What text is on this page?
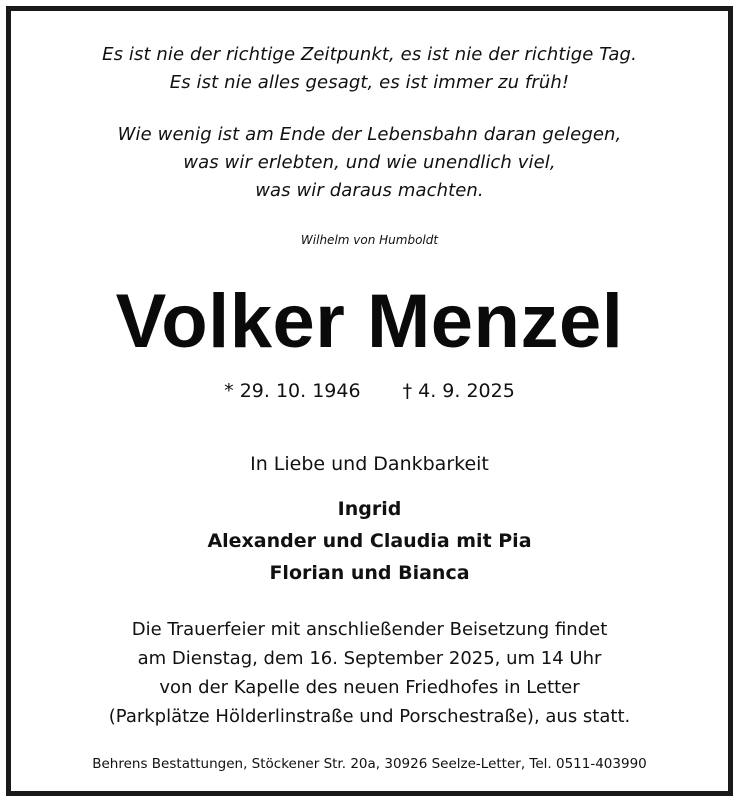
Es ist nie der richtige Zeitpunkt, es ist nie der richtige Tag.
Es ist nie alles gesagt, es ist immer zu früh!
Wie wenig ist am Ende der Lebensbahn daran gelegen,
was wir erlebten, und wie unendlich viel,
was wir daraus machten.
Wilhelm von Humboldt
Volker Menzel
* 29. 10. 1946 † 4. 9. 2025
In Liebe und Dankbarkeit
Ingrid
Alexander und Claudia mit Pia
Florian und Bianca
Die Trauerfeier mit anschließender Beisetzung findet
am Dienstag, dem 16. September 2025, um 14 Uhr
von der Kapelle des neuen Friedhofes in Letter
(Parkplätze Hölderlinstraße und Porschestraße), aus statt.
Behrens Bestattungen, Stöckener Str. 20a, 30926 Seelze-Letter, Tel. 0511-403990
